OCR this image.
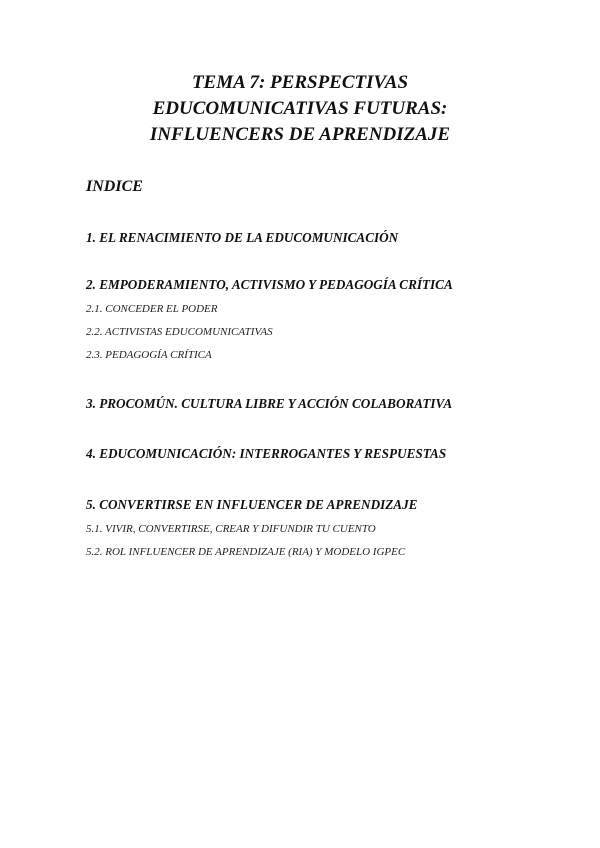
TEMA 7: PERSPECTIVAS
EDUCOMUNICATIVAS FUTURAS:
INFLUENCERS DE APRENDIZAJE
INDICE

1. EL RENACIMIENTO DE LA EDUCOMUNICACIÓN

2. EMPODERAMIENTO, ACTIVISMO Y PEDAGOGÍA CRÍTICA

2.1. CONCEDER EL PODER

2.2. ACTIVISTAS EDUCOMUNICATIVAS

2.3. PEDAGOGÍA CRÍTICA

3. PROCOMÚN. CULTURA LIBRE Y ACCIÓN COLABORATIVA

4. EDUCOMUNICACIÓN: INTERROGANTES Y RESPUESTAS

5. CONVERTIRSE EN INFLUENCER DE APRENDIZAJE

5.1. VIVIR, CONVERTIRSE, CREAR Y DIFUNDIR TU CUENTO

5.2. ROL INFLUENCER DE APRENDIZAJE (RIA) Y MODELO IGPEC
